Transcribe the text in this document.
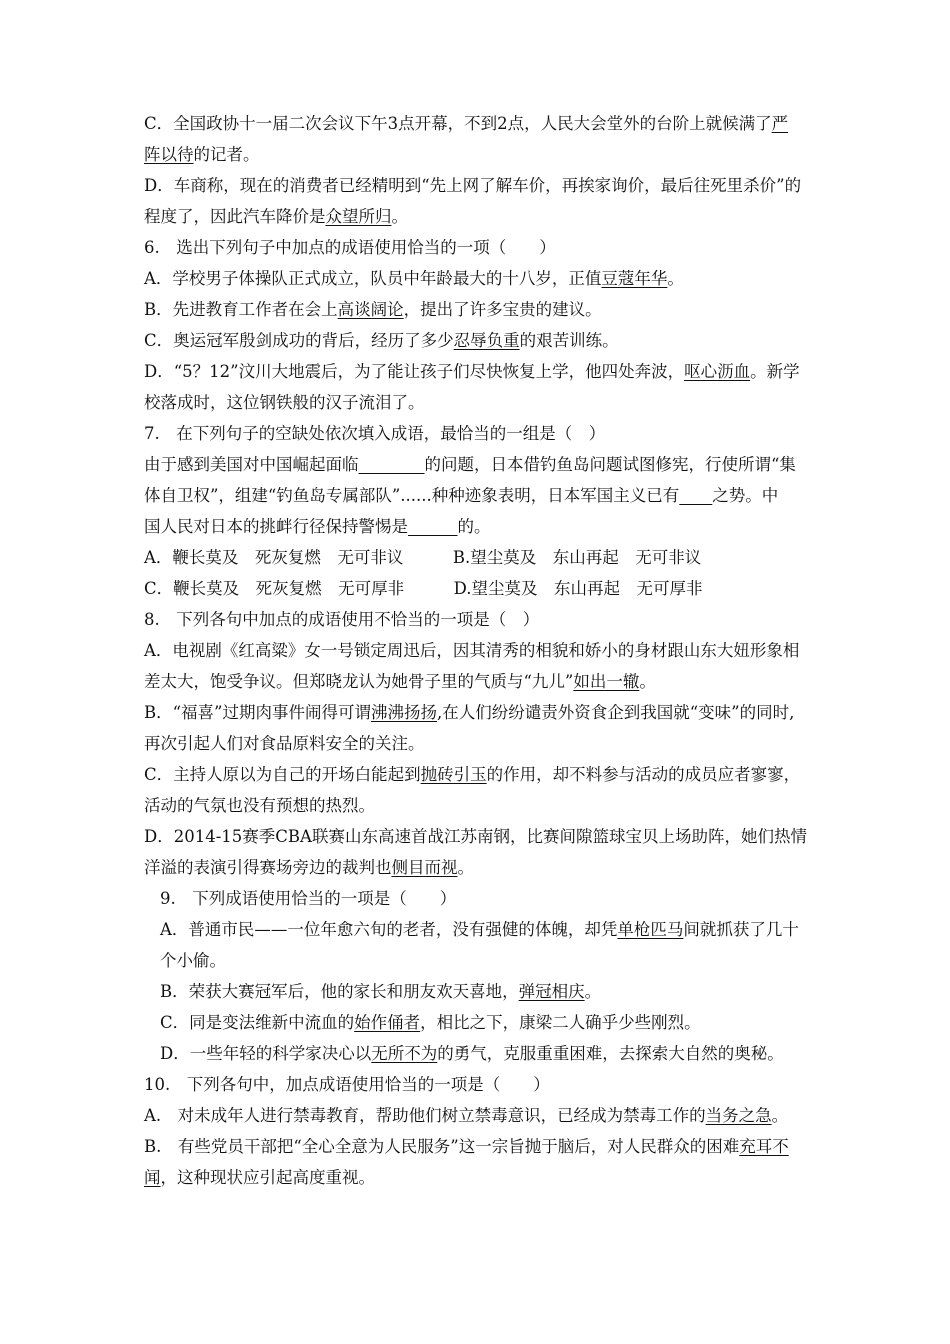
C．全国政协十一届二次会议下午3点开幕，不到2点，人民大会堂外的台阶上就候满了严
阵以待的记者。
D．车商称，现在的消费者已经精明到“先上网了解车价，再挨家询价，最后往死里杀价”的
程度了，因此汽车降价是众望所归。
6.　选出下列句子中加点的成语使用恰当的一项（　　）
A．学校男子体操队正式成立，队员中年龄最大的十八岁，正值豆蔻年华。
B．先进教育工作者在会上高谈阔论，提出了许多宝贵的建议。
C．奥运冠军殷剑成功的背后，经历了多少忍辱负重的艰苦训练。
D．“5？12”汶川大地震后，为了能让孩子们尽快恢复上学，他四处奔波，呕心沥血。新学
校落成时，这位钢铁般的汉子流泪了。
7.　在下列句子的空缺处依次填入成语，最恰当的一组是（　）
由于感到美国对中国崛起面临　　　　	的问题，日本借钓鱼岛问题试图修宪，行使所谓“集
体自卫权”，组建“钓鱼岛专属部队”......种种迹象表明，日本军国主义已有　　 之势。中
国人民对日本的挑衅行径保持警惕是　　　	的。
A．鞭长莫及　死灰复燃　无可非议　　　B.望尘莫及　东山再起　无可非议
C．鞭长莫及　死灰复燃　无可厚非　　　D.望尘莫及　东山再起　无可厚非
8.　下列各句中加点的成语使用不恰当的一项是（　）
A．电视剧《红高粱》女一号锁定周迅后，因其清秀的相貌和娇小的身材跟山东大妞形象相
差太大，饱受争议。但郑晓龙认为她骨子里的气质与“九儿”如出一辙。
B．“福喜”过期肉事件闹得可谓沸沸扬扬,在人们纷纷谴责外资食企到我国就“变味”的同时,
再次引起人们对食品原料安全的关注。
C．主持人原以为自己的开场白能起到抛砖引玉的作用，却不料参与活动的成员应者寥寥，
活动的气氛也没有预想的热烈。
D．2014-15赛季CBA联赛山东高速首战江苏南钢，比赛间隙篮球宝贝上场助阵，她们热情
洋溢的表演引得赛场旁边的裁判也侧目而视。
9.　下列成语使用恰当的一项是（　　）
A．普通市民——一位年愈六旬的老者，没有强健的体魄，却凭单枪匹马间就抓获了几十
个小偷。
B．荣获大赛冠军后，他的家长和朋友欢天喜地，弹冠相庆。
C．同是变法维新中流血的始作俑者，相比之下，康梁二人确乎少些刚烈。
D．一些年轻的科学家决心以无所不为的勇气，克服重重困难，去探索大自然的奥秘。
10.　下列各句中，加点成语使用恰当的一项是（　　）
A.　对未成年人进行禁毒教育，帮助他们树立禁毒意识，已经成为禁毒工作的当务之急。
B.　有些党员干部把“全心全意为人民服务”这一宗旨抛于脑后，对人民群众的困难充耳不
闻，这种现状应引起高度重视。
